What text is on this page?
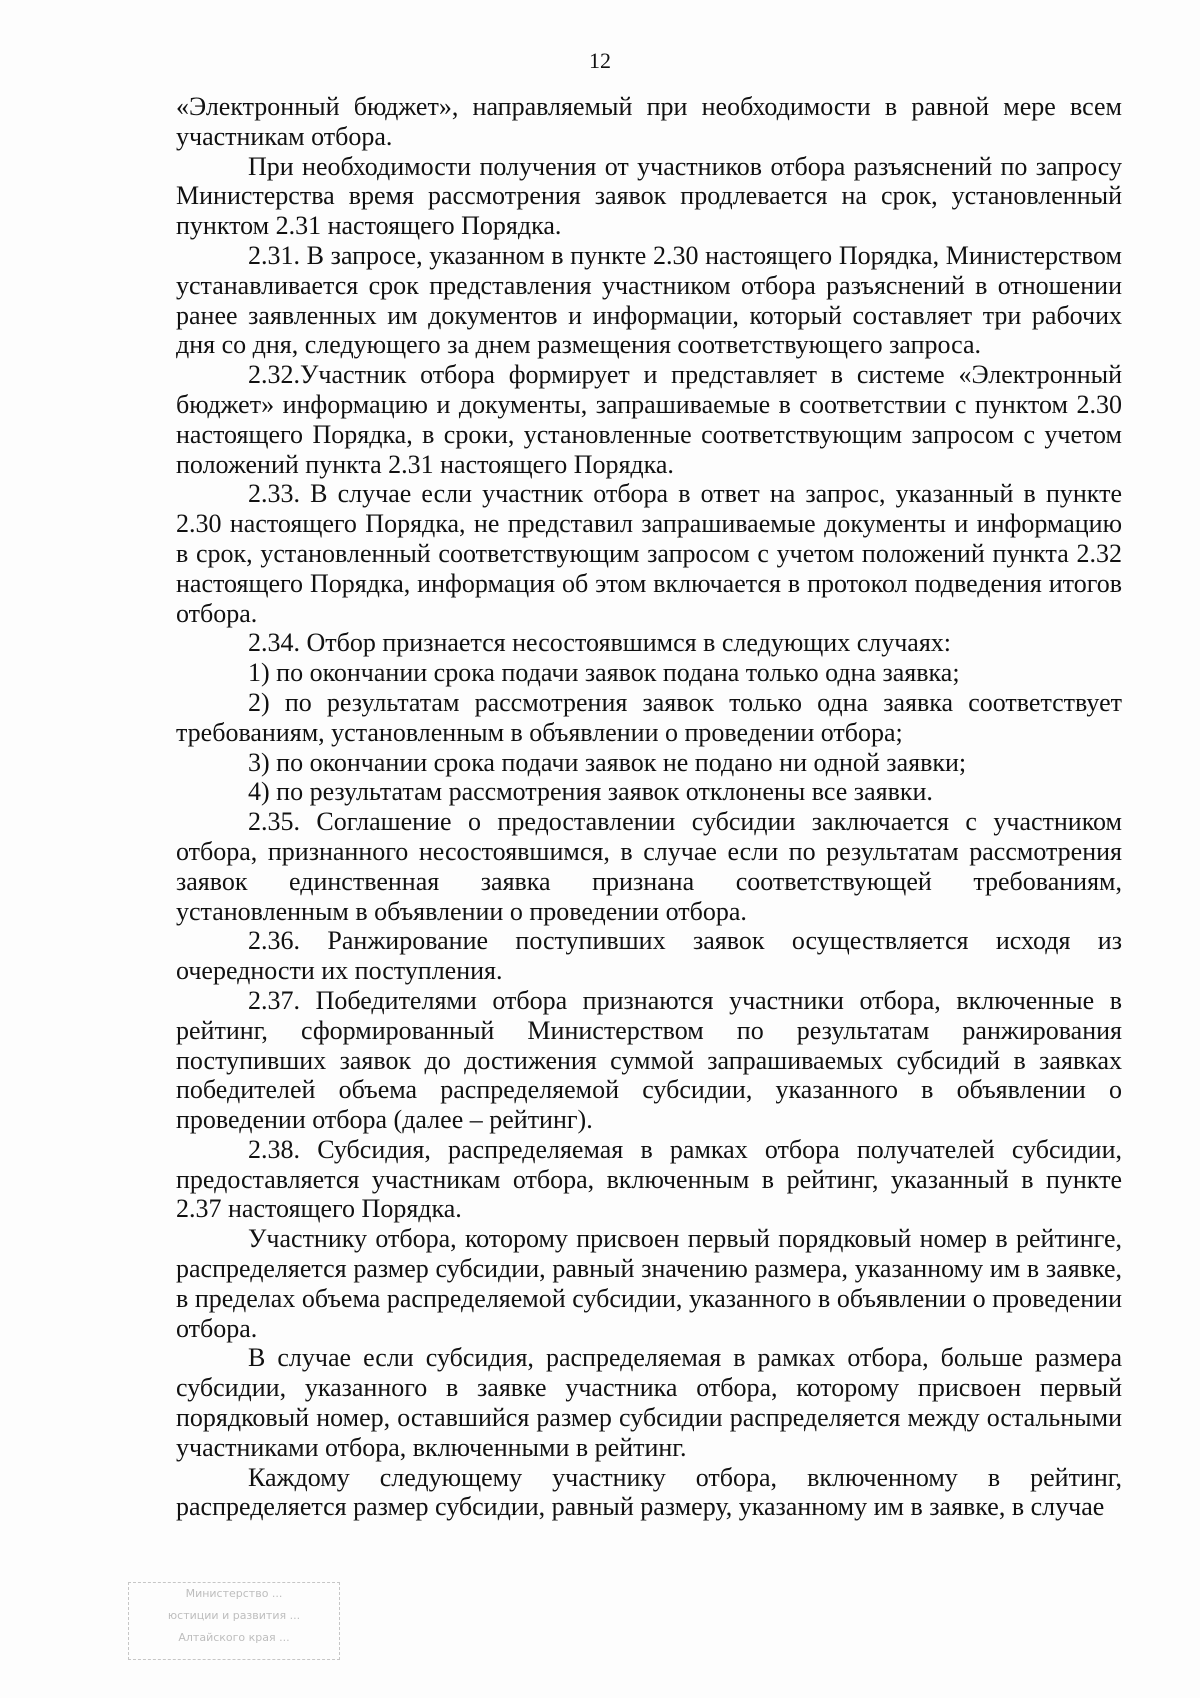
12

«Электронный бюджет», направляемый при необходимости в равной мере всем участникам отбора.

При необходимости получения от участников отбора разъяснений по запросу Министерства время рассмотрения заявок продлевается на срок, установленный пунктом 2.31 настоящего Порядка.

2.31. В запросе, указанном в пункте 2.30 настоящего Порядка, Министерством устанавливается срок представления участником отбора разъяснений в отношении ранее заявленных им документов и информации, который составляет три рабочих дня со дня, следующего за днем размещения соответствующего запроса.

2.32.Участник отбора формирует и представляет в системе «Электронный бюджет» информацию и документы, запрашиваемые в соответствии с пунктом 2.30 настоящего Порядка, в сроки, установленные соответствующим запросом с учетом положений пункта 2.31 настоящего Порядка.

2.33. В случае если участник отбора в ответ на запрос, указанный в пункте 2.30 настоящего Порядка, не представил запрашиваемые документы и информацию в срок, установленный соответствующим запросом с учетом положений пункта 2.32 настоящего Порядка, информация об этом включается в протокол подведения итогов отбора.

2.34. Отбор признается несостоявшимся в следующих случаях:

1) по окончании срока подачи заявок подана только одна заявка;

2) по результатам рассмотрения заявок только одна заявка соответствует требованиям, установленным в объявлении о проведении отбора;

3) по окончании срока подачи заявок не подано ни одной заявки;

4) по результатам рассмотрения заявок отклонены все заявки.

2.35. Соглашение о предоставлении субсидии заключается с участником отбора, признанного несостоявшимся, в случае если по результатам рассмотрения заявок единственная заявка признана соответствующей требованиям, установленным в объявлении о проведении отбора.

2.36. Ранжирование поступивших заявок осуществляется исходя из очередности их поступления.

2.37. Победителями отбора признаются участники отбора, включенные в рейтинг, сформированный Министерством по результатам ранжирования поступивших заявок до достижения суммой запрашиваемых субсидий в заявках победителей объема распределяемой субсидии, указанного в объявлении о проведении отбора (далее – рейтинг).

2.38. Субсидия, распределяемая в рамках отбора получателей субсидии, предоставляется участникам отбора, включенным в рейтинг, указанный в пункте 2.37 настоящего Порядка.

Участнику отбора, которому присвоен первый порядковый номер в рейтинге, распределяется размер субсидии, равный значению размера, указанному им в заявке, в пределах объема распределяемой субсидии, указанного в объявлении о проведении отбора.

В случае если субсидия, распределяемая в рамках отбора, больше размера субсидии, указанного в заявке участника отбора, которому присвоен первый порядковый номер, оставшийся размер субсидии распределяется между остальными участниками отбора, включенными в рейтинг.

Каждому следующему участнику отбора, включенному в рейтинг, распределяется размер субсидии, равный размеру, указанному им в заявке, в случае

Министерство ...
юстиции и развития ...
Алтайского края ...
